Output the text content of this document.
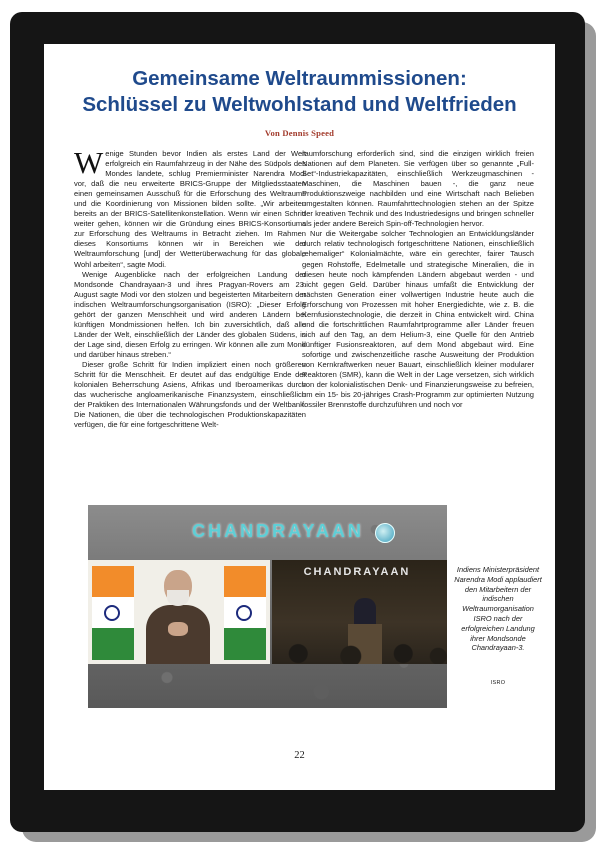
Gemeinsame Weltraummissionen:
Schlüssel zu Weltwohlstand und Weltfrieden
Von Dennis Speed

Wenige Stunden bevor Indien als erstes Land der Welt erfolgreich ein Raumfahrzeug in der Nähe des Südpols des Mondes landete, schlug Premierminister Narendra Modi vor, daß die neu erweiterte BRICS-Gruppe der Mitgliedsstaaten einen gemeinsamen Ausschuß für die Erforschung des Weltraums und die Koordinierung von Missionen bilden sollte. „Wir arbeiten bereits an der BRICS-Satellitenkonstellation. Wenn wir einen Schritt weiter gehen, können wir die Gründung eines BRICS-Konsortiums zur Erforschung des Weltraums in Betracht ziehen. Im Rahmen dieses Konsortiums können wir in Bereichen wie der Weltraumforschung [und] der Wetterüberwachung für das globale Wohl arbeiten“, sagte Modi.

Wenige Augenblicke nach der erfolgreichen Landung der Mondsonde Chandrayaan-3 und ihres Pragyan-Rovers am 23. August sagte Modi vor den stolzen und begeisterten Mitarbeitern der indischen Weltraumforschungsorganisation (ISRO): „Dieser Erfolg gehört der ganzen Menschheit und wird anderen Ländern bei künftigen Mondmissionen helfen. Ich bin zuversichtlich, daß alle Länder der Welt, einschließlich der Länder des globalen Südens, in der Lage sind, diesen Erfolg zu erringen. Wir können alle zum Mond und darüber hinaus streben.“

Dieser große Schritt für Indien impliziert einen noch größeren Schritt für die Menschheit. Er deutet auf das endgültige Ende der kolonialen Beherrschung Asiens, Afrikas und Iberoamerikas durch das wucherische angloamerikanische Finanzsystem, einschließlich der Praktiken des Internationalen Währungsfonds und der Weltbank. Die Nationen, die über die technologischen Produktionskapazitäten verfügen, die für eine fortgeschrittene Welt-

raumforschung erforderlich sind, sind die einzigen wirklich freien Nationen auf dem Planeten. Sie verfügen über so genannte „Full-Set“-Industriekapazitäten, einschließlich Werkzeugmaschinen - Maschinen, die Maschinen bauen -, die ganz neue Produktionszweige nachbilden und eine Wirtschaft nach Belieben umgestalten können. Raumfahrttechnologien stehen an der Spitze der kreativen Technik und des Industriedesigns und bringen schneller als jeder andere Bereich Spin-off-Technologien hervor.

Nur die Weitergabe solcher Technologien an Entwicklungsländer durch relativ technologisch fortgeschrittene Nationen, einschließlich „ehemaliger“ Kolonialmächte, wäre ein gerechter, fairer Tausch gegen Rohstoffe, Edelmetalle und strategische Mineralien, die in diesen heute noch kämpfenden Ländern abgebaut werden - und nicht gegen Geld. Darüber hinaus umfaßt die Entwicklung der nächsten Generation einer vollwertigen Industrie heute auch die Erforschung von Prozessen mit hoher Energiedichte, wie z. B. die Kernfusionstechnologie, die derzeit in China entwickelt wird. China und die fortschrittlichen Raumfahrtprogramme aller Länder freuen sich auf den Tag, an dem Helium-3, eine Quelle für den Antrieb künftiger Fusionsreaktoren, auf dem Mond abgebaut wird. Eine sofortige und zwischenzeitliche rasche Ausweitung der Produktion von Kernkraftwerken neuer Bauart, einschließlich kleiner modularer Reaktoren (SMR), kann die Welt in der Lage versetzen, sich wirklich von der kolonialistischen Denk- und Finanzierungsweise zu befreien, um ein 15- bis 20-jähriges Crash-Programm zur optimierten Nutzung fossiler Brennstoffe durchzuführen und noch vor

CHANDRAYAAN
CHANDRAYAAN	Indiens Ministerpräsident Narendra Modi applaudiert den Mitarbeitern der indischen Weltraumorganisation ISRO nach der erfolgreichen Landung ihrer Mondsonde Chandrayaan-3.
ISRO
22
